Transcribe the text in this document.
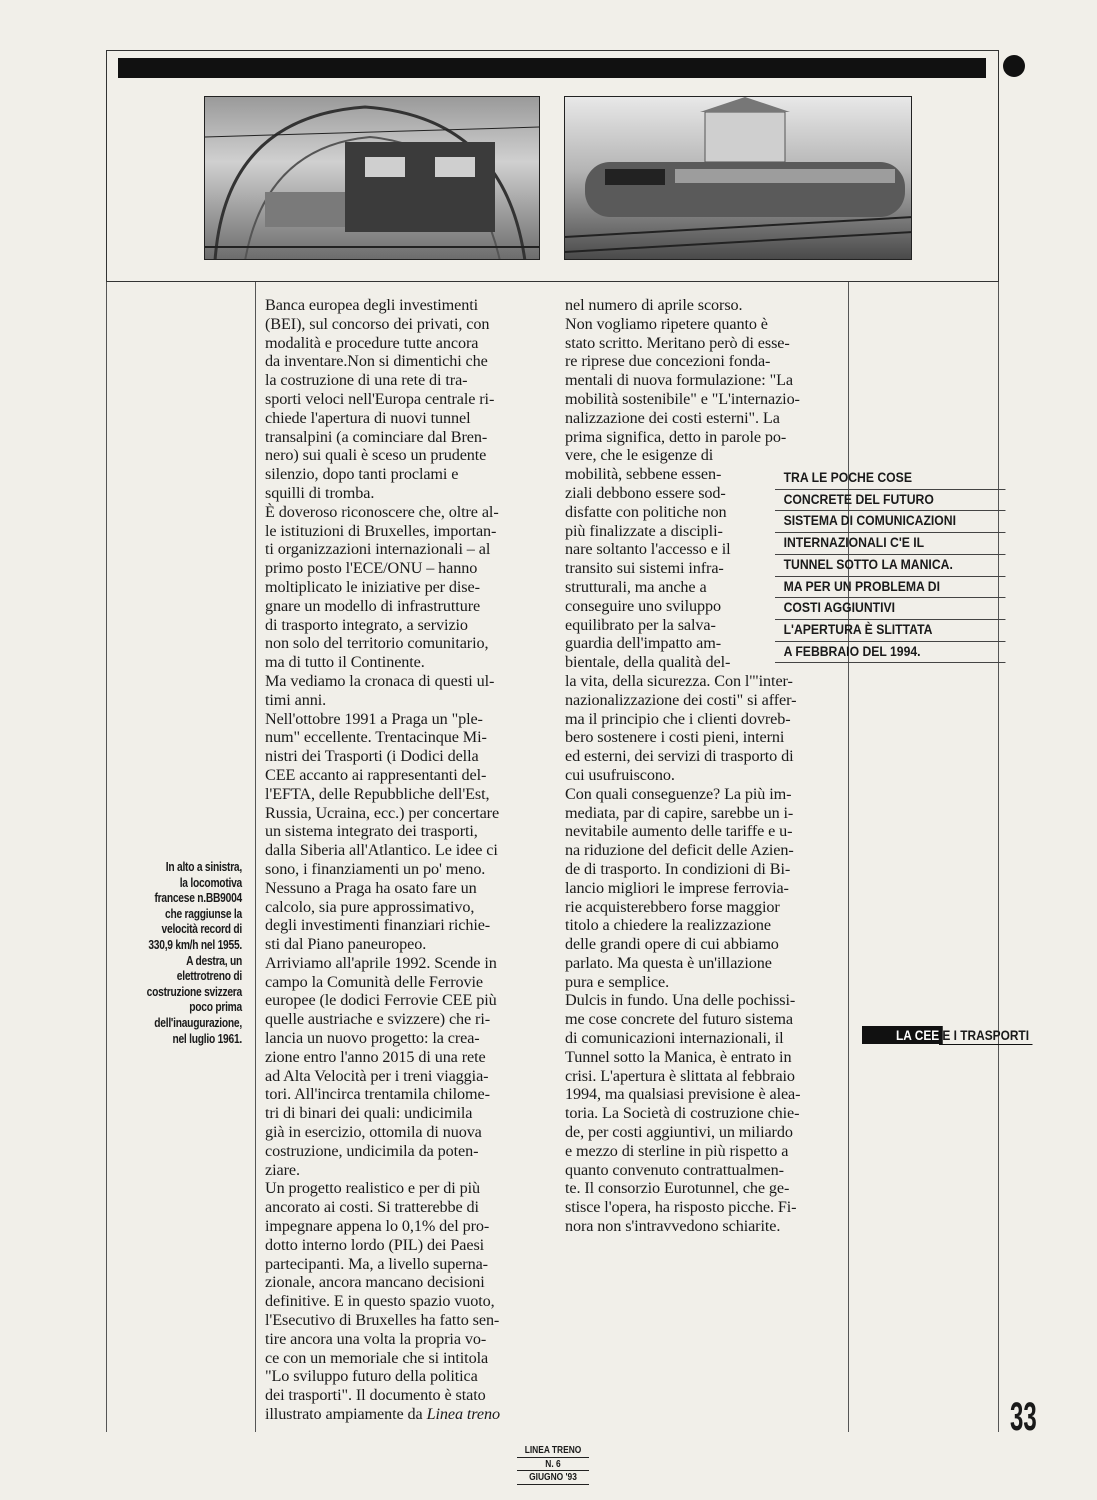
In alto a sinistra,
la locomotiva
francese n.BB9004
che raggiunse la
velocità record di
330,9 km/h nel 1955.
A destra, un
elettrotreno di
costruzione svizzera
poco prima
dell'inaugurazione,
nel luglio 1961.

Banca europea degli investimenti

(BEI), sul concorso dei privati, con

modalità e procedure tutte ancora

da inventare.Non si dimentichi che

la costruzione di una rete di tra-

sporti veloci nell'Europa centrale ri-

chiede l'apertura di nuovi tunnel

transalpini (a cominciare dal Bren-

nero) sui quali è sceso un prudente

silenzio, dopo tanti proclami e

squilli di tromba.

È doveroso riconoscere che, oltre al-

le istituzioni di Bruxelles, importan-

ti organizzazioni internazionali – al

primo posto l'ECE/ONU – hanno

moltiplicato le iniziative per dise-

gnare un modello di infrastrutture

di trasporto integrato, a servizio

non solo del territorio comunitario,

ma di tutto il Continente.

Ma vediamo la cronaca di questi ul-

timi anni.

Nell'ottobre 1991 a Praga un "ple-

num" eccellente. Trentacinque Mi-

nistri dei Trasporti (i Dodici della

CEE accanto ai rappresentanti del-

l'EFTA, delle Repubbliche dell'Est,

Russia, Ucraina, ecc.) per concertare

un sistema integrato dei trasporti,

dalla Siberia all'Atlantico. Le idee ci

sono, i finanziamenti un po' meno.

Nessuno a Praga ha osato fare un

calcolo, sia pure approssimativo,

degli investimenti finanziari richie-

sti dal Piano paneuropeo.

Arriviamo all'aprile 1992. Scende in

campo la Comunità delle Ferrovie

europee (le dodici Ferrovie CEE più

quelle austriache e svizzere) che ri-

lancia un nuovo progetto: la crea-

zione entro l'anno 2015 di una rete

ad Alta Velocità per i treni viaggia-

tori. All'incirca trentamila chilome-

tri di binari dei quali: undicimila

già in esercizio, ottomila di nuova

costruzione, undicimila da poten-

ziare.

Un progetto realistico e per di più

ancorato ai costi. Si tratterebbe di

impegnare appena lo 0,1% del pro-

dotto interno lordo (PIL) dei Paesi

partecipanti. Ma, a livello superna-

zionale, ancora mancano decisioni

definitive. E in questo spazio vuoto,

l'Esecutivo di Bruxelles ha fatto sen-

tire ancora una volta la propria vo-

ce con un memoriale che si intitola

"Lo sviluppo futuro della politica

dei trasporti". Il documento è stato

illustrato ampiamente da Linea treno

nel numero di aprile scorso.

Non vogliamo ripetere quanto è

stato scritto. Meritano però di esse-

re riprese due concezioni fonda-

mentali di nuova formulazione: "La

mobilità sostenibile" e "L'internazio-

nalizzazione dei costi esterni". La

prima significa, detto in parole po-

vere, che le esigenze di

mobilità, sebbene essen-

ziali debbono essere sod-

disfatte con politiche non

più finalizzate a discipli-

nare soltanto l'accesso e il

transito sui sistemi infra-

strutturali, ma anche a

conseguire uno sviluppo

equilibrato per la salva-

guardia dell'impatto am-

bientale, della qualità del-

la vita, della sicurezza. Con l'"inter-

nazionalizzazione dei costi" si affer-

ma il principio che i clienti dovreb-

bero sostenere i costi pieni, interni

ed esterni, dei servizi di trasporto di

cui usufruiscono.

Con quali conseguenze? La più im-

mediata, par di capire, sarebbe un i-

nevitabile aumento delle tariffe e u-

na riduzione del deficit delle Azien-

de di trasporto. In condizioni di Bi-

lancio migliori le imprese ferrovia-

rie acquisterebbero forse maggior

titolo a chiedere la realizzazione

delle grandi opere di cui abbiamo

parlato. Ma questa è un'illazione

pura e semplice.

Dulcis in fundo. Una delle pochissi-

me cose concrete del futuro sistema

di comunicazioni internazionali, il

Tunnel sotto la Manica, è entrato in

crisi. L'apertura è slittata al febbraio

1994, ma qualsiasi previsione è alea-

toria. La Società di costruzione chie-

de, per costi aggiuntivi, un miliardo

e mezzo di sterline in più rispetto a

quanto convenuto contrattualmen-

te. Il consorzio Eurotunnel, che ge-

stisce l'opera, ha risposto picche. Fi-

nora non s'intravvedono schiarite.

TRA LE POCHE COSE
CONCRETE DEL FUTURO
SISTEMA DI COMUNICAZIONI
INTERNAZIONALI C'E IL
TUNNEL SOTTO LA MANICA.
MA PER UN PROBLEMA DI
COSTI AGGIUNTIVI
L'APERTURA È SLITTATA
A FEBBRAIO DEL 1994.
LA CEE E I TRASPORTI
33
LINEA TRENO
N. 6
GIUGNO '93
